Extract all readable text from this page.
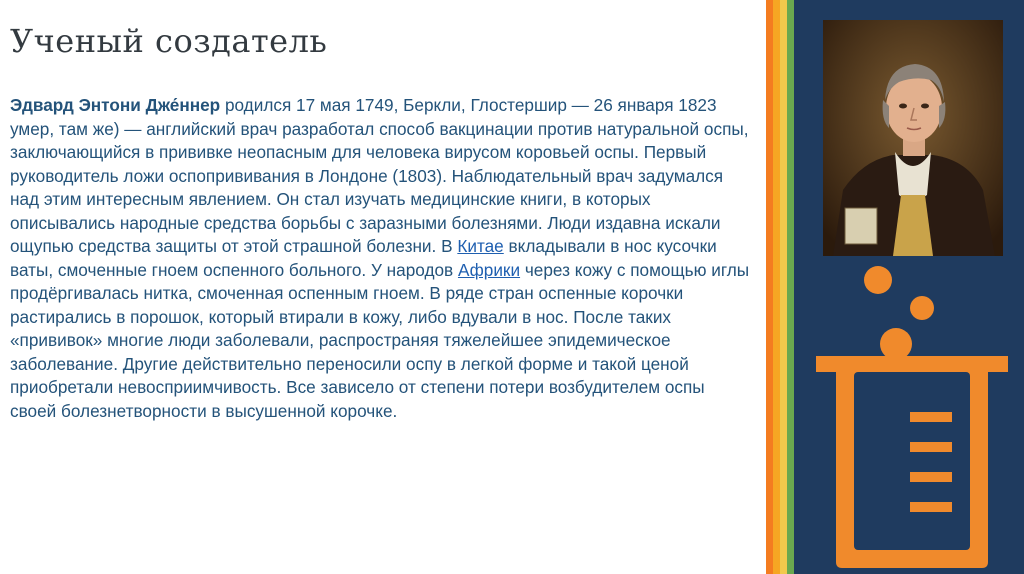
Ученый создатель
Эдвард Энтони Дже́ннер родился 17 мая 1749, Беркли, Глостершир — 26 января 1823 умер, там же) — английский врач разработал способ вакцинации против натуральной оспы, заключающийся в прививке неопасным для человека вирусом коровьей оспы. Первый руководитель ложи оспопрививания в Лондоне (1803). Наблюдательный врач задумался над этим интересным явлением. Он стал изучать медицинские книги, в которых описывались народные средства борьбы с заразными болезнями. Люди издавна искали ощупью средства защиты от этой страшной болезни. В Китае вкладывали в нос кусочки ваты, смоченные гноем оспенного больного. У народов Африки через кожу с помощью иглы продёргивалась нитка, смоченная оспенным гноем. В ряде стран оспенные корочки растирались в порошок, который втирали в кожу, либо вдували в нос. После таких «прививок» многие люди заболевали, распространяя тяжелейшее эпидемическое заболевание. Другие действительно переносили оспу в легкой форме и такой ценой приобретали невосприимчивость. Все зависело от степени потери возбудителем оспы своей болезнетворности в высушенной корочке.
